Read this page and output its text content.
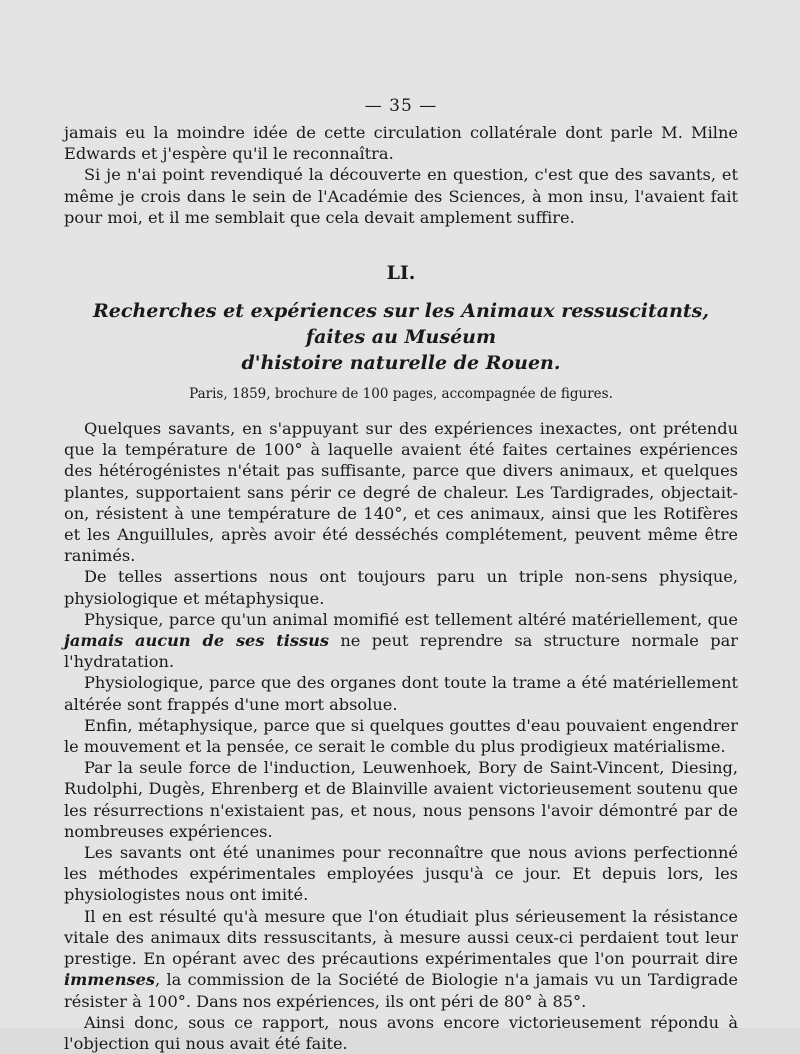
— 35 —

jamais eu la moindre idée de cette circulation collatérale dont parle M. Milne Edwards et j'espère qu'il le reconnaîtra.

Si je n'ai point revendiqué la découverte en question, c'est que des savants, et même je crois dans le sein de l'Académie des Sciences, à mon insu, l'avaient fait pour moi, et il me semblait que cela devait amplement suffire.

LI.
Recherches et expériences sur les Animaux ressuscitants, faites au Muséum
d'histoire naturelle de Rouen.
Paris, 1859, brochure de 100 pages, accompagnée de figures.

Quelques savants, en s'appuyant sur des expériences inexactes, ont prétendu que la température de 100° à laquelle avaient été faites certaines expériences des hétérogénistes n'était pas suffisante, parce que divers animaux, et quelques plantes, supportaient sans périr ce degré de chaleur. Les Tardigrades, objectait-on, résistent à une température de 140°, et ces animaux, ainsi que les Rotifères et les Anguillules, après avoir été desséchés complétement, peuvent même être ranimés.

De telles assertions nous ont toujours paru un triple non-sens physique, physiologique et métaphysique.

Physique, parce qu'un animal momifié est tellement altéré matériellement, que jamais aucun de ses tissus ne peut reprendre sa structure normale par l'hydratation.

Physiologique, parce que des organes dont toute la trame a été matériellement altérée sont frappés d'une mort absolue.

Enfin, métaphysique, parce que si quelques gouttes d'eau pouvaient engendrer le mouvement et la pensée, ce serait le comble du plus prodigieux matérialisme.

Par la seule force de l'induction, Leuwenhoek, Bory de Saint-Vincent, Diesing, Rudolphi, Dugès, Ehrenberg et de Blainville avaient victorieusement soutenu que les résurrections n'existaient pas, et nous, nous pensons l'avoir démontré par de nombreuses expériences.

Les savants ont été unanimes pour reconnaître que nous avions perfectionné les méthodes expérimentales employées jusqu'à ce jour. Et depuis lors, les physiologistes nous ont imité.

Il en est résulté qu'à mesure que l'on étudiait plus sérieusement la résistance vitale des animaux dits ressuscitants, à mesure aussi ceux-ci perdaient tout leur prestige. En opérant avec des précautions expérimentales que l'on pourrait dire immenses, la commission de la Société de Biologie n'a jamais vu un Tardigrade résister à 100°. Dans nos expériences, ils ont péri de 80° à 85°.

Ainsi donc, sous ce rapport, nous avons encore victorieusement répondu à l'objection qui nous avait été faite.
